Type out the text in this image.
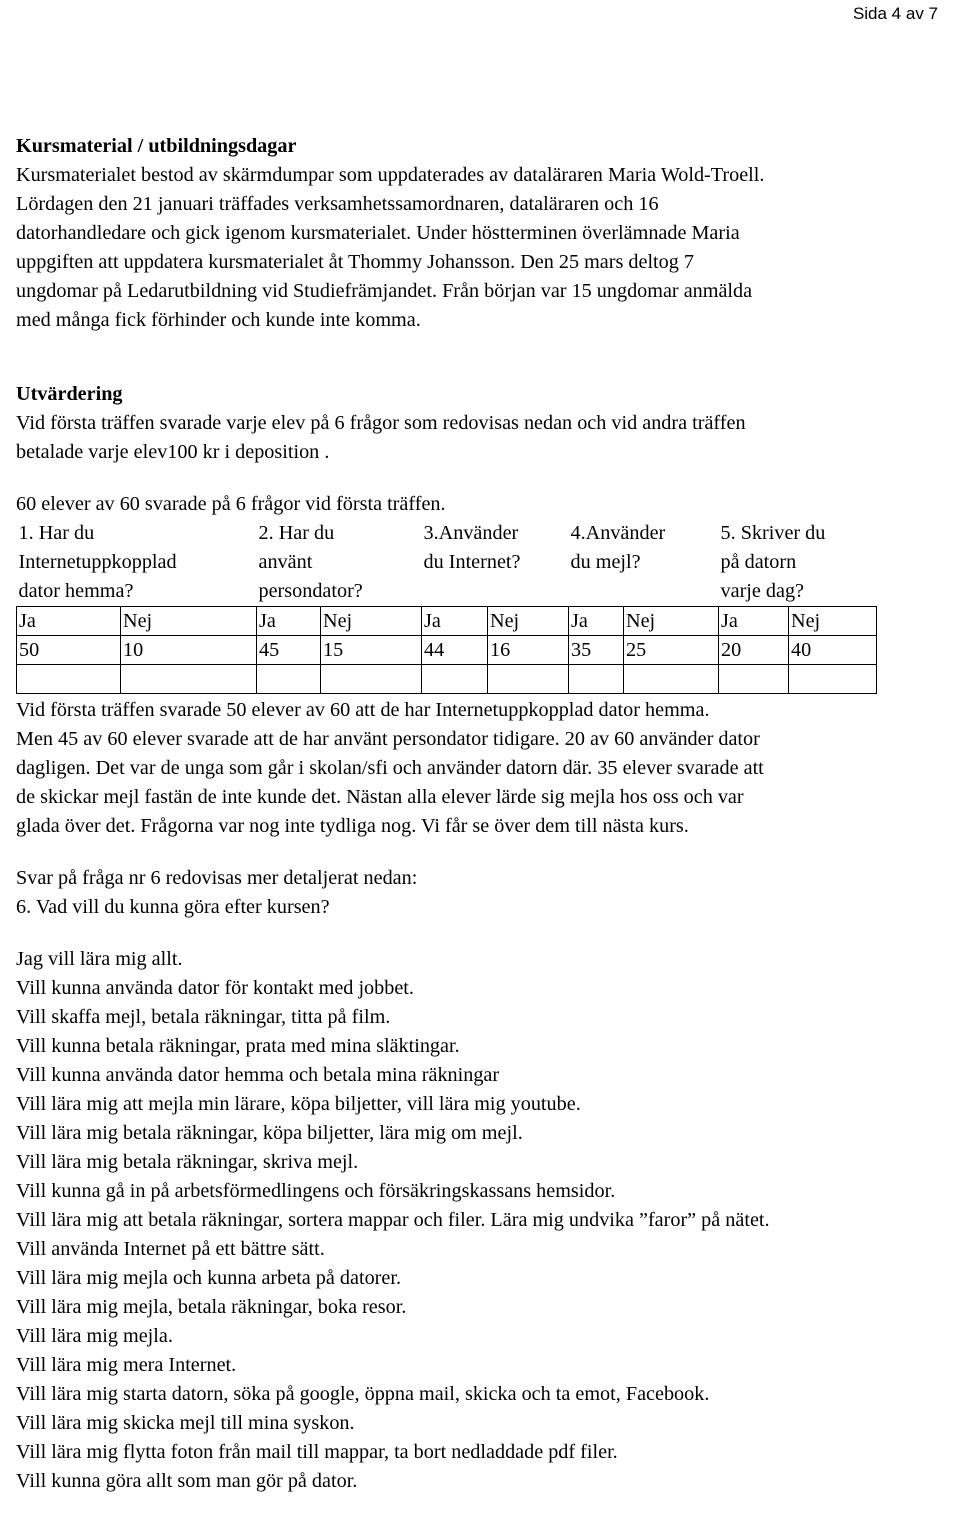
Sida 4 av 7

Kursmaterial / utbildningsdagar

Kursmaterialet bestod av skärmdumpar som uppdaterades av dataläraren Maria Wold-Troell.
Lördagen den 21 januari träffades verksamhetssamordnaren, dataläraren och 16
datorhandledare och gick igenom kursmaterialet. Under höstterminen överlämnade Maria
uppgiften att uppdatera kursmaterialet åt Thommy Johansson. Den 25 mars deltog 7
ungdomar på Ledarutbildning vid Studiefrämjandet. Från början var 15 ungdomar anmälda
med många fick förhinder och kunde inte komma.

Utvärdering

Vid första träffen svarade varje elev på 6 frågor som redovisas nedan och vid andra träffen
betalade varje elev100 kr i deposition .

60 elever av 60 svarade på 6 frågor vid första träffen.

1. Har du
Internetuppkopplad
dator hemma?		2. Har du
använt
persondator?		3.Använder
du Internet?		4.Använder
du mejl?		5. Skriver du
på datorn
varje dag?	
Ja	Nej	Ja	Nej	Ja	Nej	Ja	Nej	Ja	Nej
50	10	45	15	44	16	35	25	20	40

Vid första träffen svarade 50 elever av 60 att de har Internetuppkopplad dator hemma.
Men 45 av 60 elever svarade att de har använt persondator tidigare. 20 av 60 använder dator
dagligen. Det var de unga som går i skolan/sfi och använder datorn där. 35 elever svarade att
de skickar mejl fastän de inte kunde det. Nästan alla elever lärde sig mejla hos oss och var
glada över det. Frågorna var nog inte tydliga nog. Vi får se över dem till nästa kurs.

Svar på fråga nr 6 redovisas mer detaljerat nedan:

6. Vad vill du kunna göra efter kursen?

Jag vill lära mig allt.
Vill kunna använda dator för kontakt med jobbet.
Vill skaffa mejl, betala räkningar, titta på film.
Vill kunna betala räkningar, prata med mina släktingar.
Vill kunna använda dator hemma och betala mina räkningar
Vill lära mig att mejla min lärare, köpa biljetter, vill lära mig youtube.
Vill lära mig betala räkningar, köpa biljetter, lära mig om mejl.
Vill lära mig betala räkningar, skriva mejl.
Vill kunna gå in på arbetsförmedlingens och försäkringskassans hemsidor.
Vill lära mig att betala räkningar, sortera mappar och filer. Lära mig undvika ”faror” på nätet.
Vill använda Internet på ett bättre sätt.
Vill lära mig mejla och kunna arbeta på datorer.
Vill lära mig mejla, betala räkningar, boka resor.
Vill lära mig mejla.
Vill lära mig mera Internet.
Vill lära mig starta datorn, söka på google, öppna mail, skicka och ta emot, Facebook.
Vill lära mig skicka mejl till mina syskon.
Vill lära mig flytta foton från mail till mappar, ta bort nedladdade pdf filer.
Vill kunna göra allt som man gör på dator.
